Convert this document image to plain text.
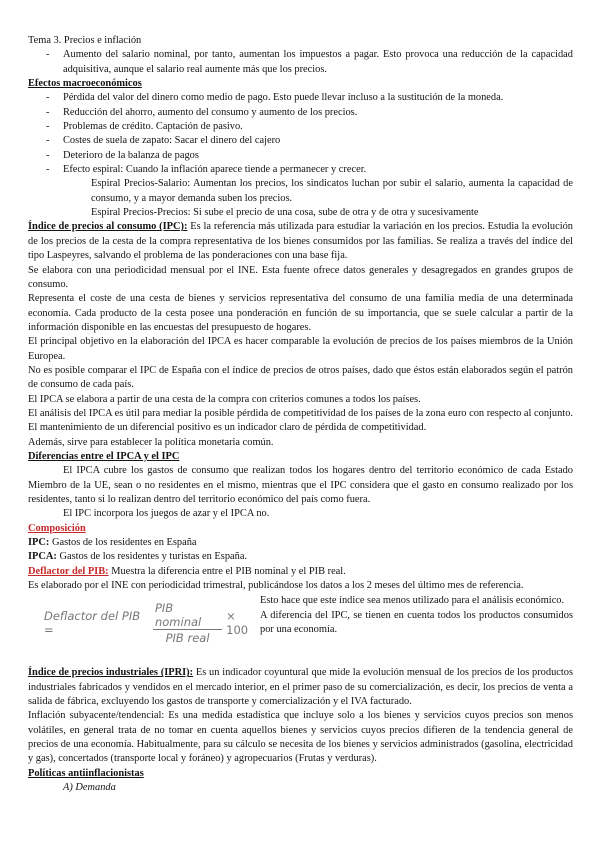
Tema 3. Precios e inflación

-	Aumento del salario nominal, por tanto, aumentan los impuestos a pagar. Esto provoca una reducción de la capacidad adquisitiva, aunque el salario real aumente más que los precios.

Efectos macroeconómicos

-	Pérdida del valor del dinero como medio de pago. Esto puede llevar incluso a la sustitución de la moneda.
-	Reducción del ahorro, aumento del consumo y aumento de los precios.
-	Problemas de crédito. Captación de pasivo.
-	Costes de suela de zapato: Sacar el dinero del cajero
-	Deterioro de la balanza de pagos
-	Efecto espiral: Cuando la inflación aparece tiende a permanecer y crecer.

Espiral Precios-Salario: Aumentan los precios, los sindicatos luchan por subir el salario, aumenta la capacidad de consumo, y a mayor demanda suben los precios.

Espiral Precios-Precios: Si sube el precio de una cosa, sube de otra y de otra y sucesivamente

Índice de precios al consumo (IPC): Es la referencia más utilizada para estudiar la variación en los precios. Estudia la evolución de los precios de la cesta de la compra representativa de los bienes consumidos por las familias. Se realiza a través del índice del tipo Laspeyres, salvando el problema de las ponderaciones con una base fija.

Se elabora con una periodicidad mensual por el INE. Esta fuente ofrece datos generales y desagregados en grandes grupos de consumo.

Representa el coste de una cesta de bienes y servicios representativa del consumo de una familia media de una determinada economía. Cada producto de la cesta posee una ponderación en función de su importancia, que se suele calcular a partir de la información disponible en las encuestas del presupuesto de hogares.

El principal objetivo en la elaboración del IPCA es hacer comparable la evolución de precios de los países miembros de la Unión Europea.

No es posible comparar el IPC de España con el índice de precios de otros países, dado que éstos están elaborados según el patrón de consumo de cada país.

El IPCA se elabora a partir de una cesta de la compra con criterios comunes a todos los países.

El análisis del IPCA es útil para mediar la posible pérdida de competitividad de los países de la zona euro con respecto al conjunto. El mantenimiento de un diferencial positivo es un indicador claro de pérdida de competitividad.

Además, sirve para establecer la política monetaria común.

Diferencias entre el IPCA y el IPC

El IPCA cubre los gastos de consumo que realizan todos los hogares dentro del territorio económico de cada Estado Miembro de la UE, sean o no residentes en el mismo, mientras que el IPC considera que el gasto en consumo realizado por los residentes, tanto si lo realizan dentro del territorio económico del país como fuera.

El IPC incorpora los juegos de azar y el IPCA no.

Composición

IPC: Gastos de los residentes en España

IPCA: Gastos de los residentes y turistas en España.

Deflactor del PIB: Muestra la diferencia entre el PIB nominal y el PIB real.

Es elaborado por el INE con periodicidad trimestral, publicándose los datos a los 2 meses del último mes de referencia.

Deflactor del PIB =	$\frac{\text{PIB nominal}}{\text{PIB real}} \times 100$

Esto hace que este índice sea menos utilizado para el análisis económico.

A diferencia del IPC, se tienen en cuenta todos los productos consumidos por una economía.

Índice de precios industriales (IPRI): Es un indicador coyuntural que mide la evolución mensual de los precios de los productos industriales fabricados y vendidos en el mercado interior, en el primer paso de su comercialización, es decir, los precios de venta a salida de fábrica, excluyendo los gastos de transporte y comercialización y el IVA facturado.

Inflación subyacente/tendencial: Es una medida estadística que incluye solo a los bienes y servicios cuyos precios son menos volátiles, en general trata de no tomar en cuenta aquellos bienes y servicios cuyos precios difieren de la tendencia general de precios de una economía. Habitualmente, para su cálculo se necesita de los bienes y servicios administrados (gasolina, electricidad y gas), concertados (transporte local y foráneo) y agropecuarios (Frutas y verduras).

Políticas antiinflacionistas

A) Demanda
